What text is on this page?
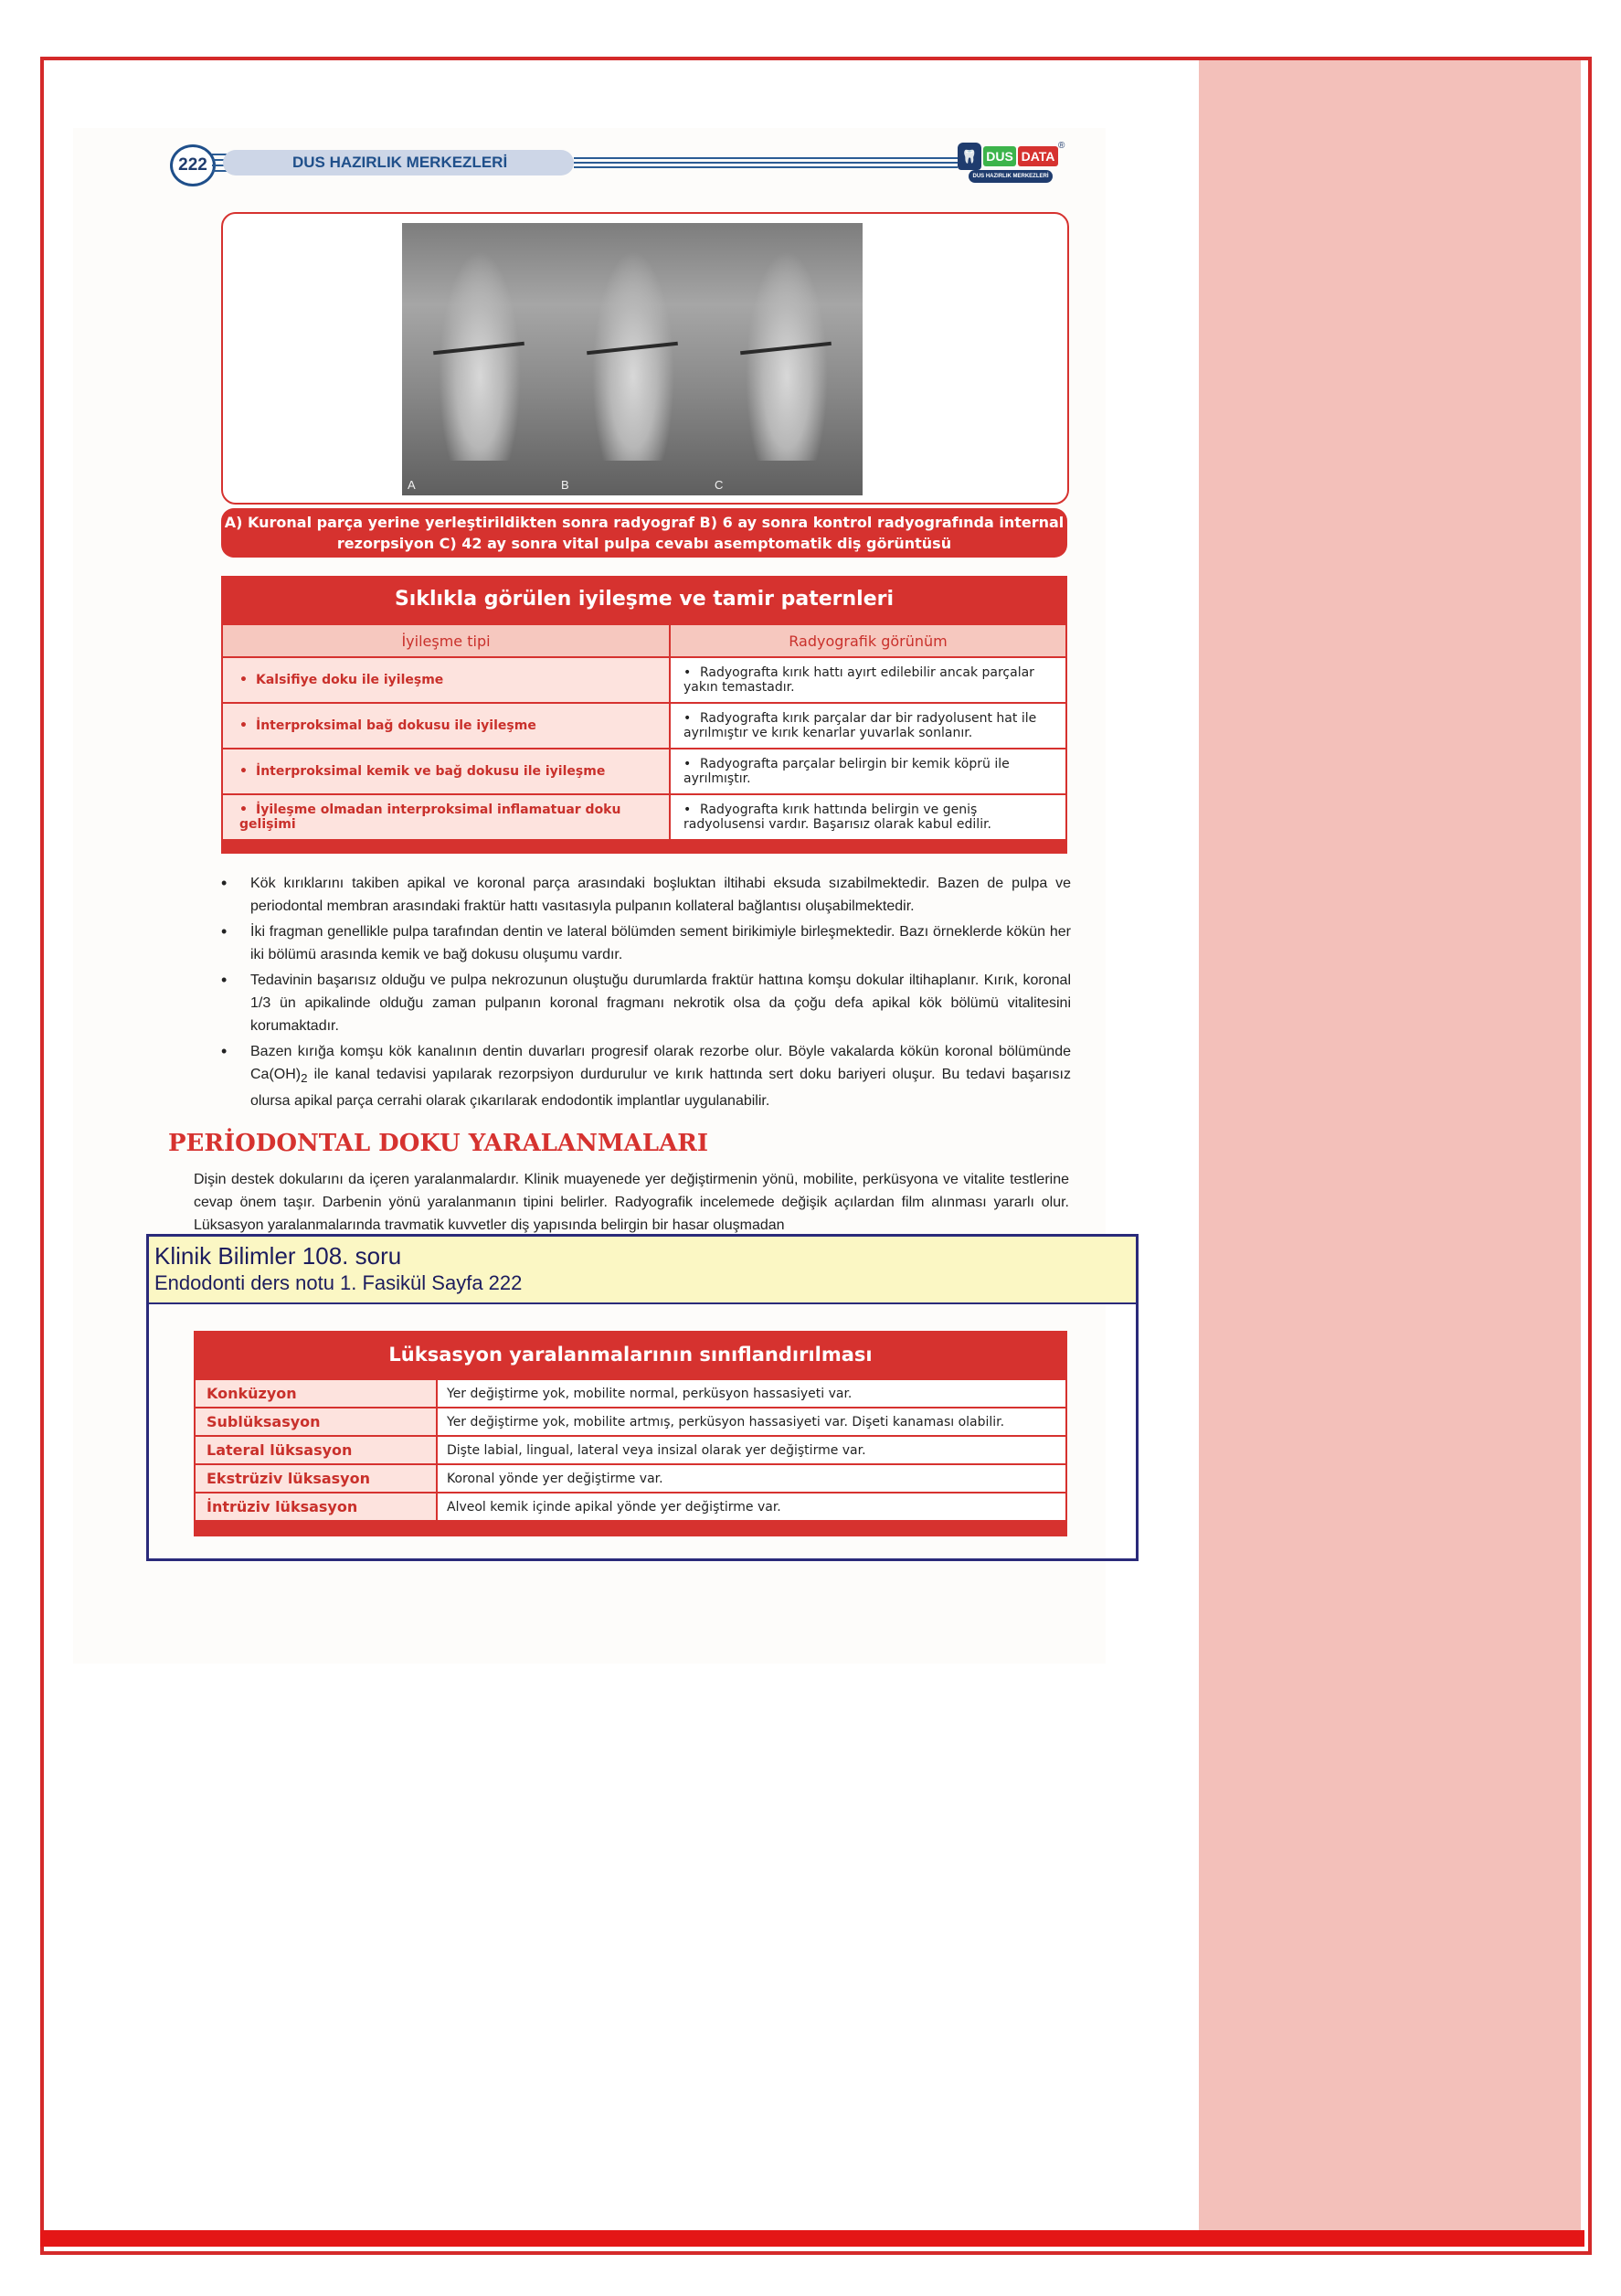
222	DUS HAZIRLIK MERKEZLERİ	🦷 DUS DATA
DUS HAZIRLIK MERKEZLERİ
®
A	B	C
A) Kuronal parça yerine yerleştirildikten sonra radyograf B) 6 ay sonra kontrol radyografında internal
rezorpsiyon C) 42 ay sonra vital pulpa cevabı asemptomatik diş görüntüsü
Sıklıkla görülen iyileşme ve tamir paternleri
İyileşme tipi	Radyografik görünüm
• Kalsifiye doku ile iyileşme	• Radyografta kırık hattı ayırt edilebilir ancak parçalar yakın temastadır.
• İnterproksimal bağ dokusu ile iyileşme	• Radyografta kırık parçalar dar bir radyolusent hat ile ayrılmıştır ve kırık kenarlar yuvarlak sonlanır.
• İnterproksimal kemik ve bağ dokusu ile iyileşme	• Radyografta parçalar belirgin bir kemik köprü ile ayrılmıştır.
• İyileşme olmadan interproksimal inflamatuar doku gelişimi	• Radyografta kırık hattında belirgin ve geniş radyolusensi vardır. Başarısız olarak kabul edilir.
• Kök kırıklarını takiben apikal ve koronal parça arasındaki boşluktan iltihabi eksuda sızabilmektedir. Bazen de pulpa ve periodontal membran arasındaki fraktür hattı vasıtasıyla pulpanın kollateral bağlantısı oluşabilmektedir.
• İki fragman genellikle pulpa tarafından dentin ve lateral bölümden sement birikimiyle birleşmektedir. Bazı örneklerde kökün her iki bölümü arasında kemik ve bağ dokusu oluşumu vardır.
• Tedavinin başarısız olduğu ve pulpa nekrozunun oluştuğu durumlarda fraktür hattına komşu dokular iltihaplanır. Kırık, koronal 1/3 ün apikalinde olduğu zaman pulpanın koronal fragmanı nekrotik olsa da çoğu defa apikal kök bölümü vitalitesini korumaktadır.
• Bazen kırığa komşu kök kanalının dentin duvarları progresif olarak rezorbe olur. Böyle vakalarda kökün koronal bölümünde $Ca(OH)_2$ ile kanal tedavisi yapılarak rezorpsiyon durdurulur ve kırık hattında sert doku bariyeri oluşur. Bu tedavi başarısız olursa apikal parça cerrahi olarak çıkarılarak endodontik implantlar uygulanabilir.
PERİODONTAL DOKU YARALANMALARI
Dişin destek dokularını da içeren yaralanmalardır. Klinik muayenede yer değiştirmenin yönü, mobilite, perküsyona ve vitalite testlerine cevap önem taşır. Darbenin yönü yaralanmanın tipini belirler. Radyografik incelemede değişik açılardan film alınması yararlı olur. Lüksasyon yaralanmalarında travmatik kuvvetler diş yapısında belirgin bir hasar oluşmadan
Klinik Bilimler 108. soru
Endodonti ders notu 1. Fasikül Sayfa 222
Lüksasyon yaralanmalarının sınıflandırılması
Konküzyon	Yer değiştirme yok, mobilite normal, perküsyon hassasiyeti var.
Sublüksasyon	Yer değiştirme yok, mobilite artmış, perküsyon hassasiyeti var. Dişeti kanaması olabilir.
Lateral lüksasyon	Dişte labial, lingual, lateral veya insizal olarak yer değiştirme var.
Ekstrüziv lüksasyon	Koronal yönde yer değiştirme var.
İntrüziv lüksasyon	Alveol kemik içinde apikal yönde yer değiştirme var.
